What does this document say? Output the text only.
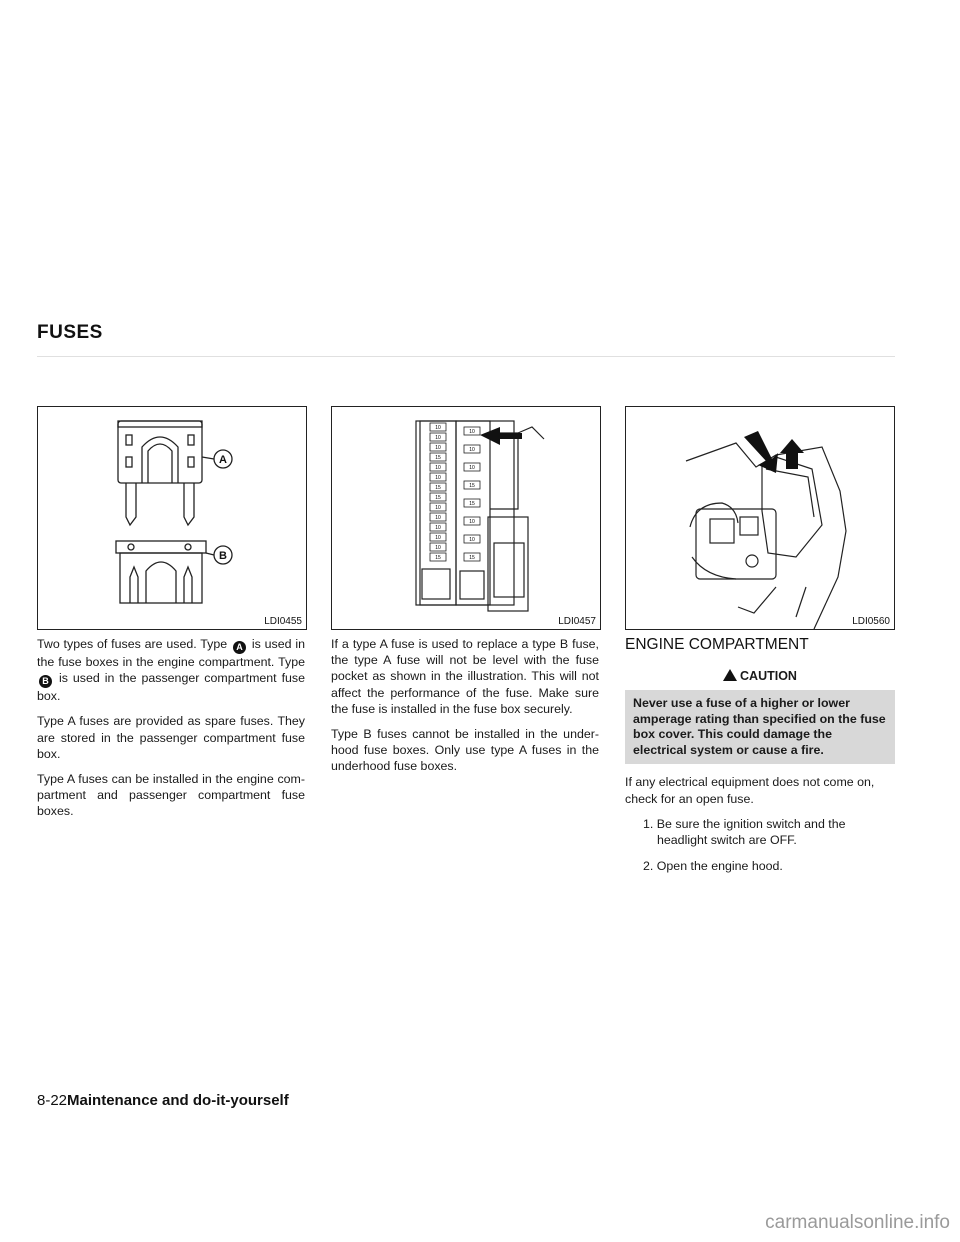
FUSES
A
B
LDI0455
10
10
10
15
10
10
15
15
10
10
10
10
10
15
10
10
10
15
15
10
10
15
LDI0457	LDI0560

Two types of fuses are used. Type A is used in the fuse boxes in the engine compartment. Type B is used in the passenger compartment fuse box.

Type A fuses are provided as spare fuses. They are stored in the passenger compartment fuse box.

Type A fuses can be installed in the engine com-partment and passenger compartment fuse boxes.

If a type A fuse is used to replace a type B fuse, the type A fuse will not be level with the fuse pocket as shown in the illustration. This will not affect the performance of the fuse. Make sure the fuse is installed in the fuse box securely.

Type B fuses cannot be installed in the under-hood fuse boxes. Only use type A fuses in the underhood fuse boxes.

ENGINE COMPARTMENT
CAUTION
Never use a fuse of a higher or lower amperage rating than specified on the fuse box cover. This could damage the electrical system or cause a fire.

If any electrical equipment does not come on, check for an open fuse.

1. Be sure the ignition switch and the headlight switch are OFF.
2. Open the engine hood.
8-22Maintenance and do-it-yourself
carmanualsonline.info
